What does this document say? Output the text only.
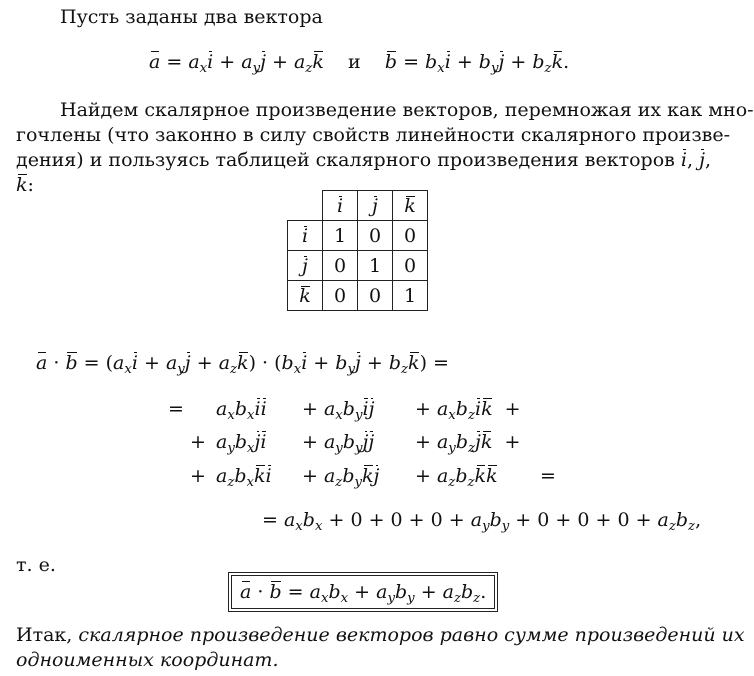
Пусть заданы два вектора
$a = a_xi + a_yj + a_zk$ и $b = b_xi + b_yj + b_zk$.
Найдем скалярное произведение векторов, перемножая их как мно-
гочлены (что законно в силу свойств линейности скалярного произве-
дения) и пользуясь таблицей скалярного произведения векторов i, j,
k:
	i	j	k
i	1	0	0
j	0	1	0
k	0	0	1
$a \cdot b = (a_xi + a_yj + a_zk) \cdot (b_xi + b_yj + b_zk)$ =
= $a_xb_xii + a_xb_yij + a_xb_zik$  +
+ $a_yb_xji + a_yb_yjj + a_yb_zjk$  +
+ $a_zb_xki + a_zb_ykj + a_zb_zkk$ =
= $a_xb_x + 0 + 0 + 0 + a_yb_y + 0 + 0 + 0 + a_zb_z$,
т. е.
$a \cdot b = a_xb_x + a_yb_y + a_zb_z$.
Итак, скалярное произведение векторов равно сумме произведений их
одноименных координат.
